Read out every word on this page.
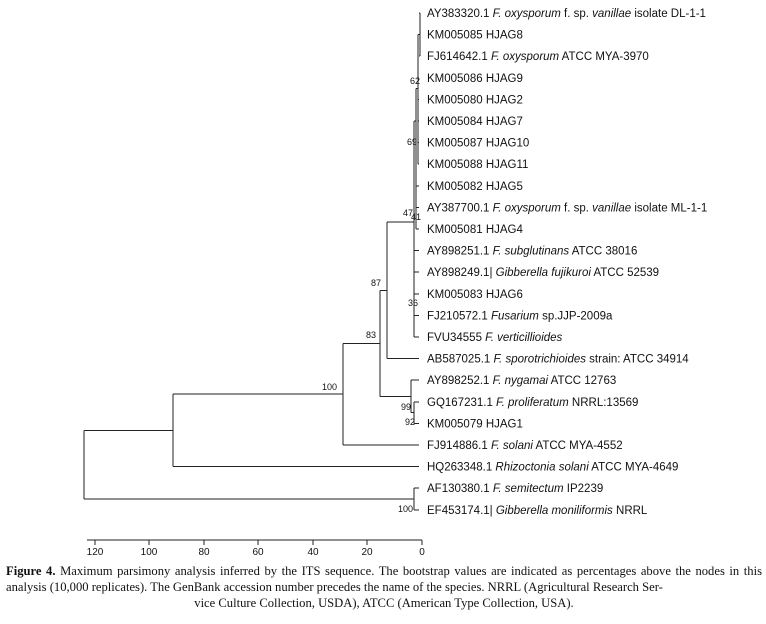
AY383320.1 F. oxysporum f. sp. vanillae isolate DL-1-1
KM005085 HJAG8
FJ614642.1 F. oxysporum ATCC MYA-3970
KM005086 HJAG9
KM005080 HJAG2
KM005084 HJAG7
KM005087 HJAG10
KM005088 HJAG11
KM005082 HJAG5
AY387700.1 F. oxysporum f. sp. vanillae isolate ML-1-1
KM005081 HJAG4
AY898251.1 F. subglutinans ATCC 38016
AY898249.1| Gibberella fujikuroi ATCC 52539
KM005083 HJAG6
FJ210572.1 Fusarium sp.JJP-2009a
FVU34555 F. verticillioides
AB587025.1 F. sporotrichioides strain: ATCC 34914
AY898252.1 F. nygamai ATCC 12763
GQ167231.1 F. proliferatum NRRL:13569
KM005079 HJAG1
FJ914886.1 F. solani ATCC MYA-4552
HQ263348.1 Rhizoctonia solani ATCC MYA-4649
AF130380.1 F. semitectum IP2239
EF453174.1| Gibberella moniliformis NRRL
62
69
47
41
36
87
83
100
99
92
100
120	100	80	60	40	20	0
Figure 4. Maximum parsimony analysis inferred by the ITS sequence. The bootstrap values are indicated as percentages above the nodes in this analysis (10,000 replicates). The GenBank accession number precedes the name of the species. NRRL (Agricultural Research Ser-
vice Culture Collection, USDA), ATCC (American Type Collection, USA).
